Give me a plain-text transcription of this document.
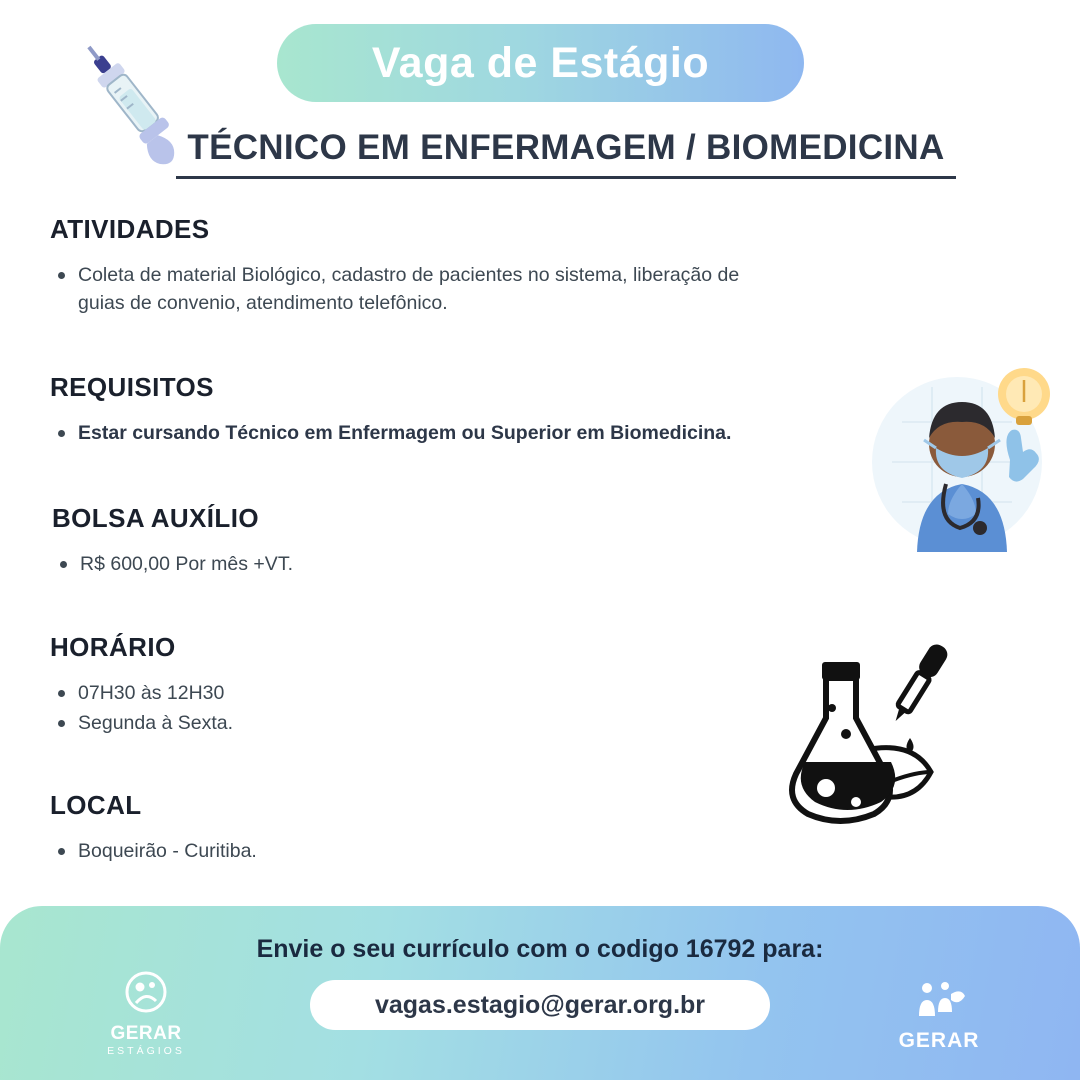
Vaga de Estágio
TÉCNICO EM ENFERMAGEM / BIOMEDICINA
ATIVIDADES
Coleta de material Biológico, cadastro de pacientes no sistema, liberação de guias de convenio, atendimento telefônico.
REQUISITOS
Estar cursando Técnico em Enfermagem ou Superior em Biomedicina.
BOLSA AUXÍLIO
R$ 600,00 Por mês +VT.
HORÁRIO
07H30 às 12H30
Segunda à Sexta.
LOCAL
Boqueirão - Curitiba.
Envie o seu currículo com o codigo 16792 para:
vagas.estagio@gerar.org.br
GERAR
ESTÁGIOS	GERAR
